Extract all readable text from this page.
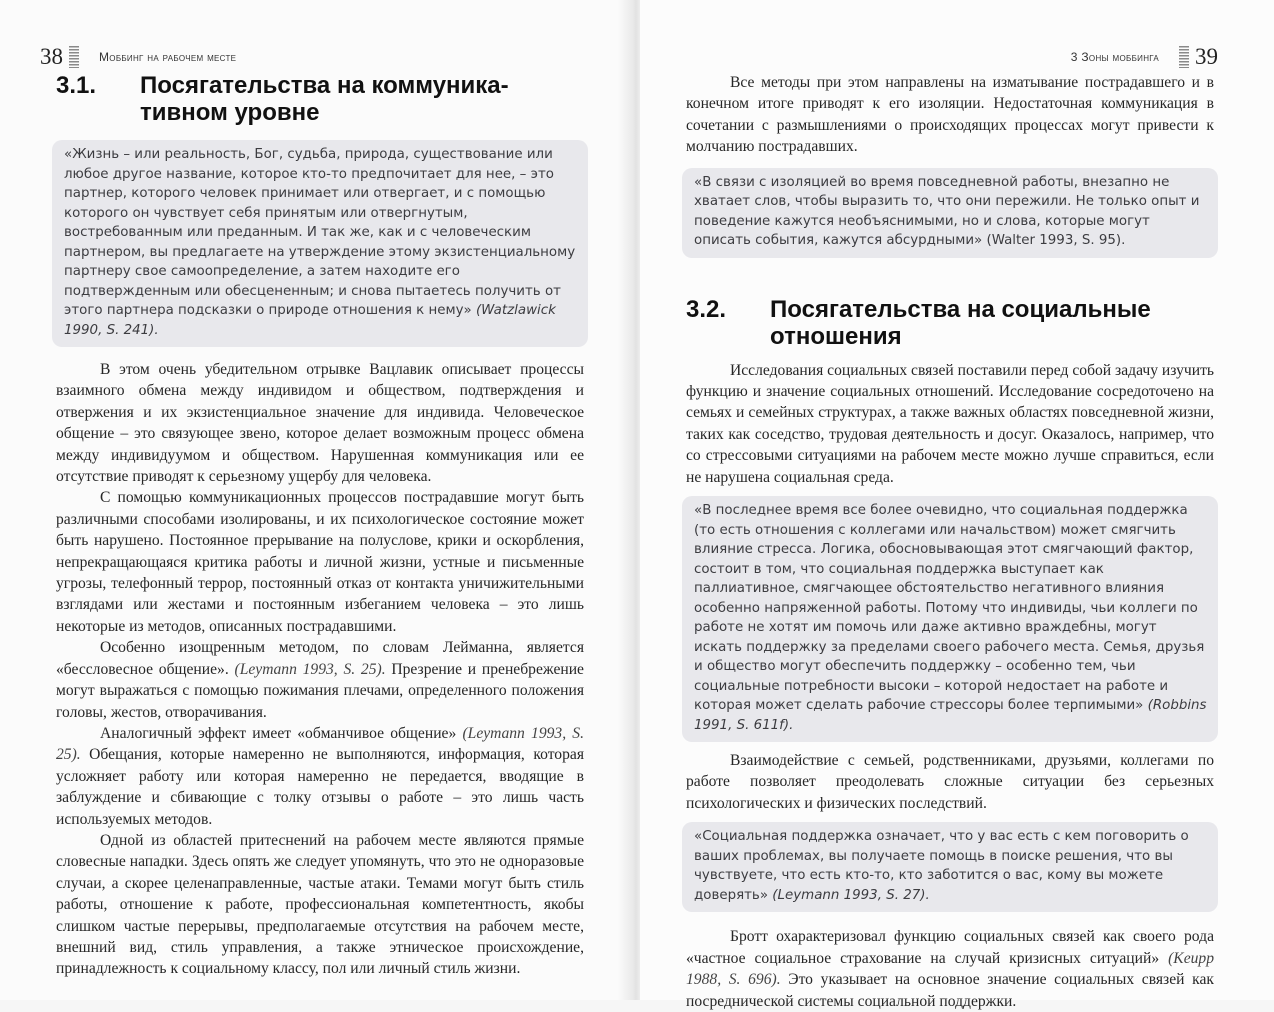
38	Моббинг на рабочем месте
3.1.	Посягательства на коммуника-тивном уровне
«Жизнь – или реальность, Бог, судьба, природа, существование или любое другое название, которое кто-то предпочитает для нее, – это партнер, которого человек принимает или отвергает, и с помощью которого он чувствует себя принятым или отвергнутым, востребованным или преданным. И так же, как и с человеческим партнером, вы предлагаете на утверждение этому экзистенциальному партнеру свое самоопределение, а затем находите его подтвержденным или обесцененным; и снова пытаетесь получить от этого партнера подсказки о природе отношения к нему» (Watzlawick 1990, S. 241).

В этом очень убедительном отрывке Вацлавик описывает процессы взаимного обмена между индивидом и обществом, подтверждения и отвержения и их экзистенциальное значение для индивида. Человеческое общение – это связующее звено, которое делает возможным процесс обмена между индивидуумом и обществом. Нарушенная коммуникация или ее отсутствие приводят к серьезному ущербу для человека.

С помощью коммуникационных процессов пострадавшие могут быть различными способами изолированы, и их психологическое состояние может быть нарушено. Постоянное прерывание на полуслове, крики и оскорбления, непрекращающаяся критика работы и личной жизни, устные и письменные угрозы, телефонный террор, постоянный отказ от контакта уничижительными взглядами или жестами и постоянным избеганием человека – это лишь некоторые из методов, описанных пострадавшими.

Особенно изощренным методом, по словам Лейманна, является «бессловесное общение». (Leymann 1993, S. 25). Презрение и пренебрежение могут выражаться с помощью пожимания плечами, определенного положения головы, жестов, отворачивания.

Аналогичный эффект имеет «обманчивое общение» (Leymann 1993, S. 25). Обещания, которые намеренно не выполняются, информация, которая усложняет работу или которая намеренно не передается, вводящие в заблуждение и сбивающие с толку отзывы о работе – это лишь часть используемых методов.

Одной из областей притеснений на рабочем месте являются прямые словесные нападки. Здесь опять же следует упомянуть, что это не одноразовые случаи, а скорее целенаправленные, частые атаки. Темами могут быть стиль работы, отношение к работе, профессиональная компетентность, якобы слишком частые перерывы, предполагаемые отсутствия на рабочем месте, внешний вид, стиль управления, а также этническое происхождение, принадлежность к социальному классу, пол или личный стиль жизни.

3 Зоны моббинга 39

Все методы при этом направлены на изматывание пострадавшего и в конечном итоге приводят к его изоляции. Недостаточная коммуникация в сочетании с размышлениями о происходящих процессах могут привести к молчанию пострадавших.

«В связи с изоляцией во время повседневной работы, внезапно не хватает слов, чтобы выразить то, что они пережили. Не только опыт и поведение кажутся необъяснимыми, но и слова, которые могут описать события, кажутся абсурдными» (Walter 1993, S. 95).
3.2.	Посягательства на социальные отношения

Исследования социальных связей поставили перед собой задачу изучить функцию и значение социальных отношений. Исследование сосредоточено на семьях и семейных структурах, а также важных областях повседневной жизни, таких как соседство, трудовая деятельность и досуг. Оказалось, например, что со стрессовыми ситуациями на рабочем месте можно лучше справиться, если не нарушена социальная среда.

«В последнее время все более очевидно, что социальная поддержка (то есть отношения с коллегами или начальством) может смягчить влияние стресса. Логика, обосновывающая этот смягчающий фактор, состоит в том, что социальная поддержка выступает как паллиативное, смягчающее обстоятельство негативного влияния особенно напряженной работы. Потому что индивиды, чьи коллеги по работе не хотят им помочь или даже активно враждебны, могут искать поддержку за пределами своего рабочего места. Семья, друзья и общество могут обеспечить поддержку – особенно тем, чьи социальные потребности высоки – которой недостает на работе и которая может сделать рабочие стрессоры более терпимыми» (Robbins 1991, S. 611f).

Взаимодействие с семьей, родственниками, друзьями, коллегами по работе позволяет преодолевать сложные ситуации без серьезных психологических и физических последствий.

«Социальная поддержка означает, что у вас есть с кем поговорить о ваших проблемах, вы получаете помощь в поиске решения, что вы чувствуете, что есть кто-то, кто заботится о вас, кому вы можете доверять» (Leymann 1993, S. 27).

Бротт охарактеризовал функцию социальных связей как своего рода «частное социальное страхование на случай кризисных ситуаций» (Keupp 1988, S. 696). Это указывает на основное значение социальных связей как посреднической системы социальной поддержки.
